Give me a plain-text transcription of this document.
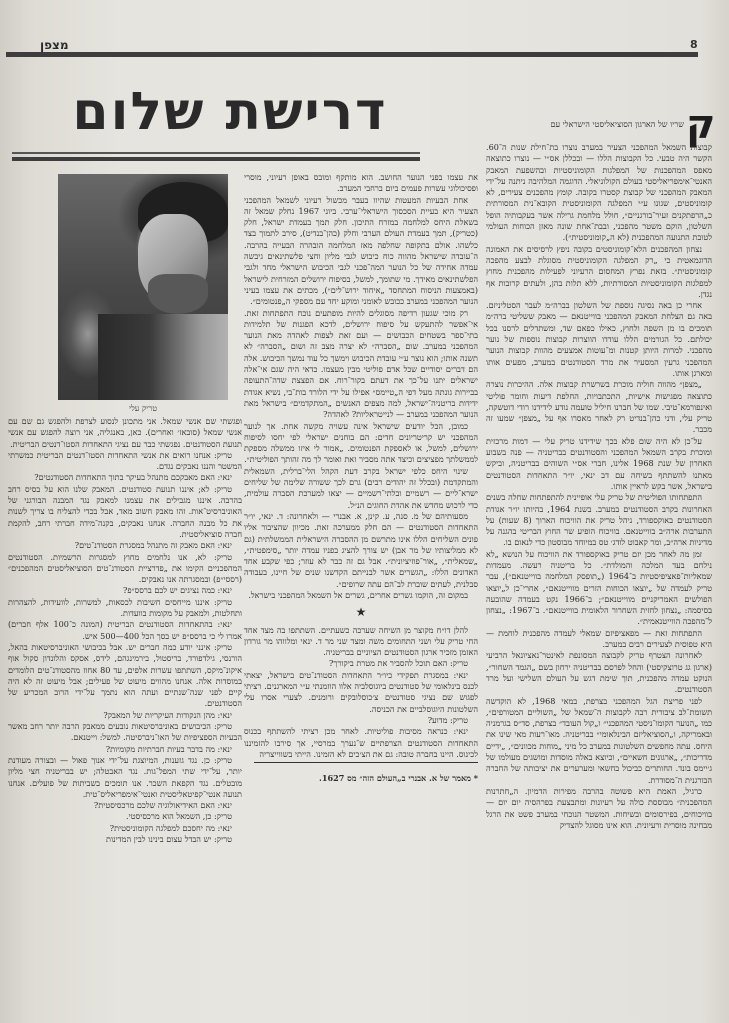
מצפן	8
דרישת שלום	ק

שריו של הארגון הסוציאליסטי הישראלי עם

קבוצות השמאל המהפכני הצעיר במערב נוצרו בת־חילת שנות ה־60. הקשר היה טבעי. כל הקבוצות הללו — ובכללן אס״י — נוצרו כתוצאה מאפס המהפכנות של המפלגות הקומוניסטיות ובהשפעת המאבק האנטי־אימפריאליסטי בעולם הקולוניאלי. הדוגמה המלהיבה ניתנה על־ידי המאבק המהפכני של קבוצת קסטרו בקובה. קומץ מהפכנים צעירים, לא קומוניסטים, שגונו ע״י המפלגה הקומוניסטית הקובא־נית המסורתית כ„הרפתקנים זעיר־בורגניים״, חולל מלחמת גרילה אשר בעקבותיה הופל השלטון, הוקם משטר מהפכני, ובבת־אחת שונה מאזן הכוחות העולמי לטובת התנועה המהפכנית (לא ה„קומוניסטית״).

נצחון המהפכנים הלא־קומוניסטים בקובה ניפץ לרסיסים את האמונה הדוגמאטית כי „רק המפלגה הקומוניסטית מסוגלת לבצע מהפכה קומוניסטית״. בזאת נפרץ המחסום הרעיוני לפעילות מהפכנית מחוץ למפלגות הקומוניסטיות המסורתיות, ללא תלות בהן, ולעתים קרובות אף נגדן.

אחרי כן באה נסיגה נוספת של השלטון בברה״מ לעבר הסטליניזם. באה גם הצלחת המאבק המהפכני בווייטנאם — מאבק ששליטי ברה״מ תומכים בו מן השפה ולחוץ, כאילו כפאם שד, ומשתדלים לרסנו בכל יכולתם. כל הגורמים הללו עודדו הווצרות קבוצות נוספות של נוער מהפכני. למרות היותן קטנות ומ־עוטות אמצעים מהוות קבוצות הנוער המהפכני גרעין המסעיר את מרד הסטודנטים במערב, מפעים אותו ומארגן אותו.

„מצפן״ מהווה חוליה מוכרת בשרשרת קבוצות אלה. ההיכרות נוצרה כתוצאה מפגישות אישיות, התכתבויות, החלפת דיעות וחומר פוליטי ואינפורמא־טיבי. שמו של חברנו חיליל טועמה נודע לידידנו רודי דוטשקה, טריק עלי, ודני כהן־בנדיט רק לאחר מאסרו אף על „מצפן״ שמעו זה מכבר.

על־כן לא היה שום פלא בכך שידידנו טריק עלי — דמות מרכזית ומוכרת בקרב השמאל המהפכני והסטודנטים בבריטניה — פנה בשבוע האחרון של שנת 1968 אלינו, חברי אס״י השוהים בבריטניה, וביקש מאתנו להשתתף בשיחה עם דב ינאי, יו״ר התאחדות הסטודנטים בישראל, אשר בקש לראיין אותו.

התפתחותו הפוליטית של טריק עלי אופיינית להתפתחות שחלה בשנים האחרונות בקרב הסטודנטים במערב. בשנת 1964, בהיותו יו״ר אגודת הסטודנטים באוקספורד, ניהל טריק את הוויכוח הארוך (8 שעות) על התערבות ארה״ב בווייטנאם. בוויכוח הופיע שר החוץ הבריטי בהגנה על מדיניות ארה״ב, ומר קאבוט לודג׳ טס במיוחד מבוסטון כדי לנאום בו.

זמן מה לאחר מכן יזם טריק באוקספורד את הוויכוח על הנושא „לא נילחם בעד המלכה והמולדת״. כל בריטניה רעשה. מעמדות שמאליות־פאציפיסטיות ב־1964 („תופסק המלחמה בווייטנאם״), עבר טריק לעמדה של „יוצאו הכוחות הזרים מווייטנאם״, אחרי־כן ל„יוצאו הפולשים האמריקניים מווייטנאם״; ב־1966 נקט בעמדה שהובעה בסיסמה: „נצחון לחזית השחרור הלאומית בווייטנאם״. ב־1967: „נצחון ל־מהפכה הווייטנאמית״.

התפתחות זאת — מפאציפיזם שמאלי לעמדה מהפכנית לוחמת — היא טפוסית לצעירים רבים במערב.

לאחרונה הצטרף טריק לקבוצה המסונפת לאינטר־נאציונאל הרביעי (ארגון גג טרוצקיסטי) והחל לפרסם בבריטניה ירחון בשם „הגמד השחור״, הנוקט עמדה מהפכנית, תוך שימת דגש על העולם השלישי ועל מרד הסטודנטים.

לפני פריצת הגל המהפכני בצרפת, במאי 1968, לא הוקדשה תשומת־לב ציבורית רבה לקבוצות ה־שמאל של „השוליים המטורפים״, כמו „הנוער הקומו־ניסטי המהפכני״ ו„קול העובד״ בצרפת, סד״ס בגרמניה ובאמריקה, ו„הסוציאליזם הבינלאומי״ בבריטניה. מאו־רעות מאי שינו את היחס. עתה מחפשים השלטונות במערב כל מיני „מוחות מכוונים״, „ידיים מדריכות״, „ארגונים חשאיים״, וכיוצא באלה מוסדות ומושגים מעולמו של ג׳יימס בונד. החותרים כביכול בחשאי ומערערים את יציבותה של החברה הבורגנית ה־מסודרת.

כרגיל, האמת היא פשוטה בהרבה מפירות הדמיון. ה„חתרנות המהפכנית״ מבוססת כולה על רעיונות ומתבצעת בפרהסיה יום יום — בוויכוחים, בפירסומים ובשיחות. המשטר הנוכחי במערב פשט את הרגל מבחינה מוסרית ורעיונית. הוא אינו מסוגל להצדיק

את עצמו בפני הנוער החושב. הוא מותקף ומובס באופן רעיוני, מוסרי ופסיכולוגי עשרות פעמים ביום ברחבי המערב.

אחת הבעיות המעטות שהיוו בעבר מכשול רעיוני לשמאל המהפכני הצעיר היא בעיית הסכסוך הישראלי־ערבי. ביוני 1967 נחלק שמאל זה בשאלת היחס למלחמה במזרח התיכון. חלק תמך בעמדת ישראל, חלק (כטריק), תמך בעמדת העולם הערבי וחלק (כהן־בנדיט), סירב לתמוך בצד כלשהו. אולם בתקופה שחלפה מאז המלחמה הובהרה הבעייה בהרבה. ה־עובדה שישראל מהווה כוח כיבוש לגבי מליון וחצי פלשתינאים גיבשה עמדה אחידה של כל הנוער המה־פכני לגבי הכיבוש הישראלי מחד ולגבי הפלשתינאים מאידך. מי שתומך, למשל, בסיפוח ירושלים המזרחית לישראל (באמצעות הניסוח המתחסד „איחוד ירוש־לים״), מכתים את עצמו בעיני הנוער המהפכני במערב ככובש לאומני ומוקע יחד עם מספקי ה„פנטומים״.

רק מוכי שגעון רדיפה מסוגלים להיות מופתעים נוכח התפתחות זאת. אי־אפשר להתעקש על סיפוח ירושלים, לדכא הפגנות של תלמידות בתי־ספר בשטחים הכבושים — ועם זאת לצפות לאהדה מאת הנוער המהפכני במערב. שום „הסברה״ לא יצרה מצב זה ושום „הסברה״ לא תשנה אותו; הוא נוצר ע״י עובדת הכיבוש וימשך כל עוד נמשך הכיבוש. אלה הם דברים יסודיים שכל אדם פוליטי מבין מעצמו. כדאי היה שגם אי־אלה ישראלים יתנו על־כך את דעתם בקור־רוח. אם הפצצת שדה־התעופה בביירות גונתה מעל דפי ה„טיימס״ אפילו על ידי הלורד בות־בי, נשיא אגודת ידידות בריטניה־ישראל, למה מצפים האנשים „המתקדמים״ בישראל מאת הנוער המהפכני במערב — לנייטראליות? לאהדה?

כמובן, הכל יודעים שישראל אינה עשויה מקשה אחת. אך לנוער המהפכני יש קריטריונים חדים: הם בוחנים ישראלי לפי יחסו לסיפוח ירושלים, למשל, או לאספקת הפנטומים. „אמור לי איזו ממשלה מספקת לממשלתך מפציצים וכיצד אתה מסביר זאת ואומר לך מה זהותך הפוליטית״.

שינוי היחס כלפי ישראל בקרב דעת הקהל הלי־ברלית, השמאלית והמתקדמת (ובכלל זה יהודים רבים) גרם לכך ששורה שלימה של שליחים ישרא־ליים — רשמיים ובלתי־רשמיים — יצאו למערכת הסברה עולמית, כדי לרכוש מחדש את אהדת החוגים הנ״ל.

מסעותיהם של מ. סנה, ע. קינן, א. אבנרי — ולאחרונה: ד. ינאי, יו״ר התאחדות הסטודנטים — הם חלק ממערכה זאת. מכיוון שהציבור אליו פונים השליחים הללו אינו מתרשם מן ההסברה הישראלית הממשלתית (גם לא ממליצותיו של מר אבן) יש צורך להציג בפניו עמדה יותר „סימפטית״, „שמאלית״, „אור־פוזיציונית״. אבל גם זה כבר לא עוזר; כפי שקבע אחד האדונים הללו: „הגשרים אשר לבנייתם הקדשנו שנים של חיינו, בעבודה סבלנית, לעתים שוברת לב־הם עתה שרופים״.

במקום זה, הוקמו גשרים אחרים, גשרים אל השמאל המהפכני בישראל.

★

להלן דו״ח מקוצר מן השיחה שערכה כשעתיים. השתתפו בה מצד אחד החי טריק עלי ושני התחומים משה ומצד שני מר ד. ינאי ומלווהו מר גורדון האזמן מזכיר ארגון הסטודנטים הציוניים בבריטניה.

טריק: האם תוכל להסביר את מטרת ביקורך?

ינאי: במסגרת תפקידי כיו״ר התאחדות הסטודנ־טים בישראל, יצאתי לכנס בינלאומי של סטודנטים ביוגוסלביה אלוו הוזמנתי ע״י המארגנים. רציתי לפגוש שם נציגי סטודנטים צ׳כוסלובקים ורומנים. לצערי אסרו עלי השלטונות היוגוסלביים את הכניסה.

טריק: מדוע?

ינאי: כנראה מסיבות פוליטיות. לאחר מכן רציתי להשתתף בכנוס התאחדות הסטודנטים הצרפתיים ש־נערך במרסיי, אך סירבו להזמיננו לכינוס. היינו בחברה טובה: גם את הצ׳כים לא הזמינו. הייתי בשווייצריה

* מאמר של א. אבנרי ב„העולם הזה״ מס 1627.
טריק עלי

ופגשתי שם אנשי שמאל. אני מתכונן לנסוע לצרפת ולהפגש גם שם עם אנשי שמאל (סובאז׳ ואחרים). כאן, באנגליה, אני רוצה להפגש עם אנשי תנועת הסטודנטים. נפגשתי כבר עם נציגי התאחדות הסטו־דנטים הבריטית.

טריק: אנחנו רואים את אנשי התאחדות הסטו־דנטים הבריטית כמשרתי המשטר והננו נאבקים נגדם.

ינאי: האם מאבקכם מתנהל בעיקר בתוך התאחדות הסטודנטים?

טריק: לא; איננו תנועת סטודנטים. המאבק שלנו הוא על בסיס רחב בהרבה. איננו מגבילים את עצמנו למאבק נגד המבנה הבורגני של האוניברסיט־אות. זהו מאבק חשוב מאד, אבל בכדי להצליח בו צריך לשנות את כל מבנה החברה. אנחנו נאבקים, בקנה־מידה חברתי רחב, להקמת חברה סוציאליסטית.

ינאי: האם מאבק זה מתנהל במסגרת הסטודנ־טים?

טריק: לא, אנו נלחמים מחוץ למסגרות הרשמיות. הסטודנטים המהפכניים הקימו את „פדרציית הסטודנ־טים הסוציאליסטים המהפכנים״ (רססי״פ) ובמסגרתה אנו נאבקים.

ינאי: כמה נציגים יש לכם ברסס״פ?

טריק: איננו מייחסים חשיבות לכסאות, למשרות, לוועידות, להצהרות ותחלטות, ולמאבק על מקומות בוועדות.

ינאי: בהתאחדות הסטודנטים הבריטית (המונה כ־100 אלף חברים) אמרו לי כי ברסס״פ יש בסך הכל 400—500 איש.

טריק: אינני יודע כמה חברים יש. אבל בכיבושי האוניברסיטאות בהאל, הורנסי, גילדפורד, בריסטול, בירמינגהם, לידס, אסקס והלונדון סקול אוף איקונ־מיקס, השתתפו עשרות אלפים, עד 80 אחוז מהסטודנ־טים הלומדים במוסדות אלה. אנחנו מהווים מיעוט של פעילים; אבל מיעוט זה לא היה קיים לפני שנה־שנתיים ועתה הוא נתמך על־ידי הרוב המכריע של הסטודנטים.

ינאי: מהן הנקודות העיקריות של המאבק?

טריק: הכיבושים באוניברסיטאות נובעים ממאבק הרבה יותר רחב מאשר הבעיות הספציפיות של האו־ניברסיטה. למשל: וייטנאם.

ינאי: מה בדבר בעיות חברתיות מקומיות?

טריק: כן. נגד גזענות, המיוצגת על־ידי אנוך פאול — ובצורה מעודנת יותר, על־ידי שתי המפל־גות. נגד האבטלה; יש בבריטניה חצי מליון מובטלים. נגד הקפאת השכר. אנו תומכים בשביתות של פועלים. אנחנו תנועה אנטי־קפיטאליסטית ואנטי־אימפריאליס־טית.

ינאי: האם האידיאולוגיה שלכם מרכסיסטית?

טריק: כן, השמאל הוא מרכסיסטי.

ינאי: מה יחסכם למפלגה הקומוניסטית?

טריק: יש הבדל עצום בינינו לבין המדינות
